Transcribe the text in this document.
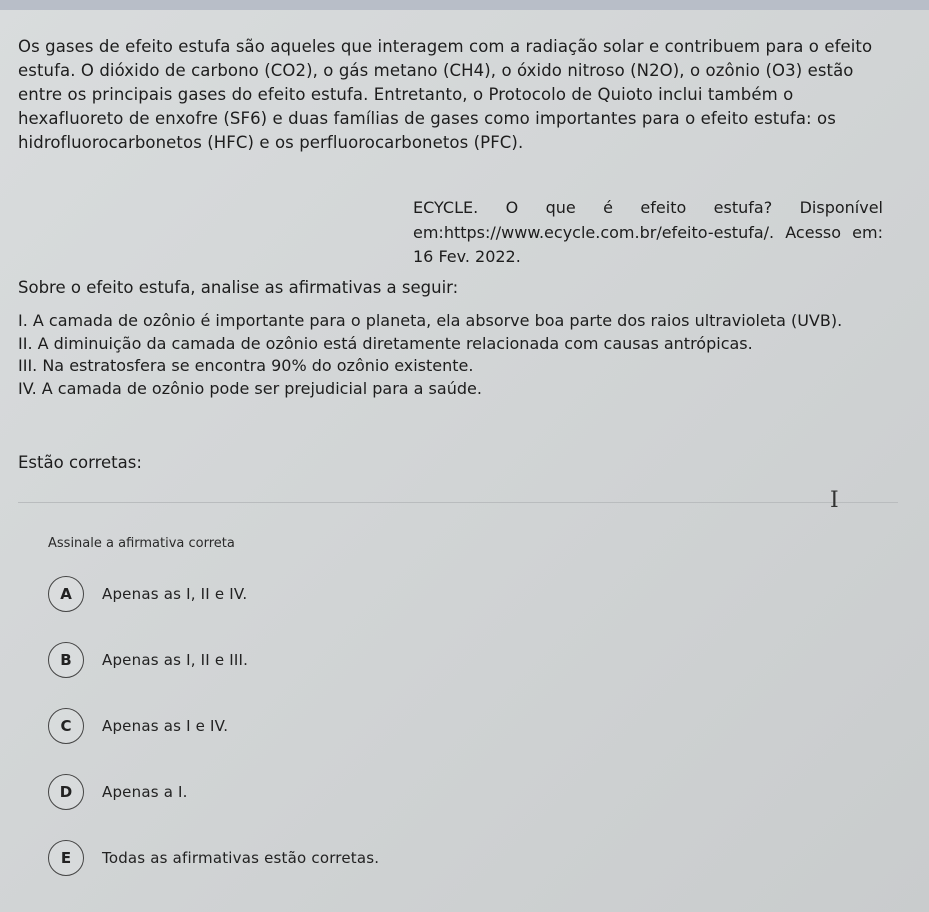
Os gases de efeito estufa são aqueles que interagem com a radiação solar e contribuem para o efeito estufa. O dióxido de carbono (CO2), o gás metano (CH4), o óxido nitroso (N2O), o ozônio (O3) estão entre os principais gases do efeito estufa. Entretanto, o Protocolo de Quioto inclui também o hexafluoreto de enxofre (SF6) e duas famílias de gases como importantes para o efeito estufa: os hidrofluorocarbonetos (HFC) e os perfluorocarbonetos (PFC).

ECYCLE. O que é efeito estufa? Disponível em:https://www.ecycle.com.br/efeito-estufa/. Acesso em: 16 Fev. 2022.

Sobre o efeito estufa, analise as afirmativas a seguir:

I. A camada de ozônio é importante para o planeta, ela absorve boa parte dos raios ultravioleta (UVB).

II. A diminuição da camada de ozônio está diretamente relacionada com causas antrópicas.

III. Na estratosfera se encontra 90% do ozônio existente.

IV. A camada de ozônio pode ser prejudicial para a saúde.

Estão corretas:
I
Assinale a afirmativa correta
A	Apenas as I, II e IV.
B	Apenas as I, II e III.
C	Apenas as I e IV.
D	Apenas a I.
E	Todas as afirmativas estão corretas.
